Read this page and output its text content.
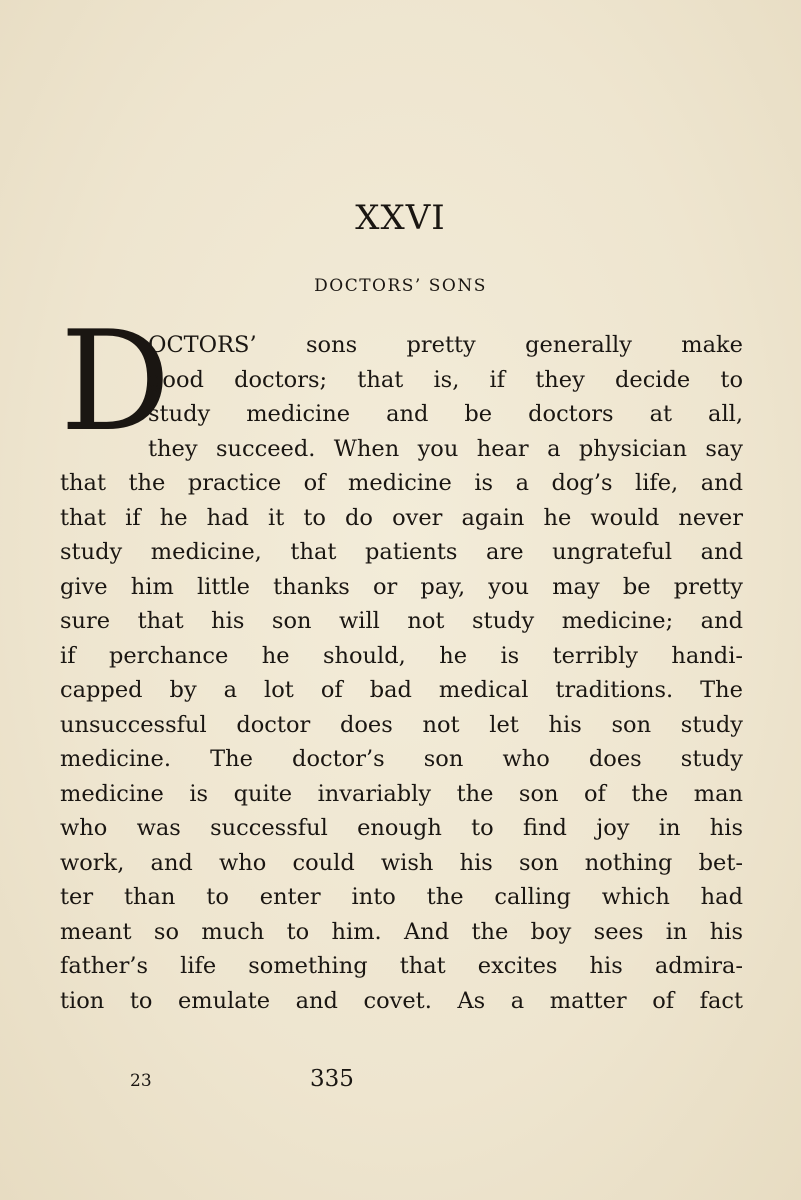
XXVI
DOCTORS’ SONS
D
OCTORS’ sons pretty generally make
good doctors; that is, if they decide to
study medicine and be doctors at all,
they succeed. When you hear a physician say
that the practice of medicine is a dog’s life, and
that if he had it to do over again he would never
study medicine, that patients are ungrateful and
give him little thanks or pay, you may be pretty
sure that his son will not study medicine; and
if perchance he should, he is terribly handi-
capped by a lot of bad medical traditions. The
unsuccessful doctor does not let his son study
medicine. The doctor’s son who does study
medicine is quite invariably the son of the man
who was successful enough to find joy in his
work, and who could wish his son nothing bet-
ter than to enter into the calling which had
meant so much to him. And the boy sees in his
father’s life something that excites his admira-
tion to emulate and covet. As a matter of fact
23	335
